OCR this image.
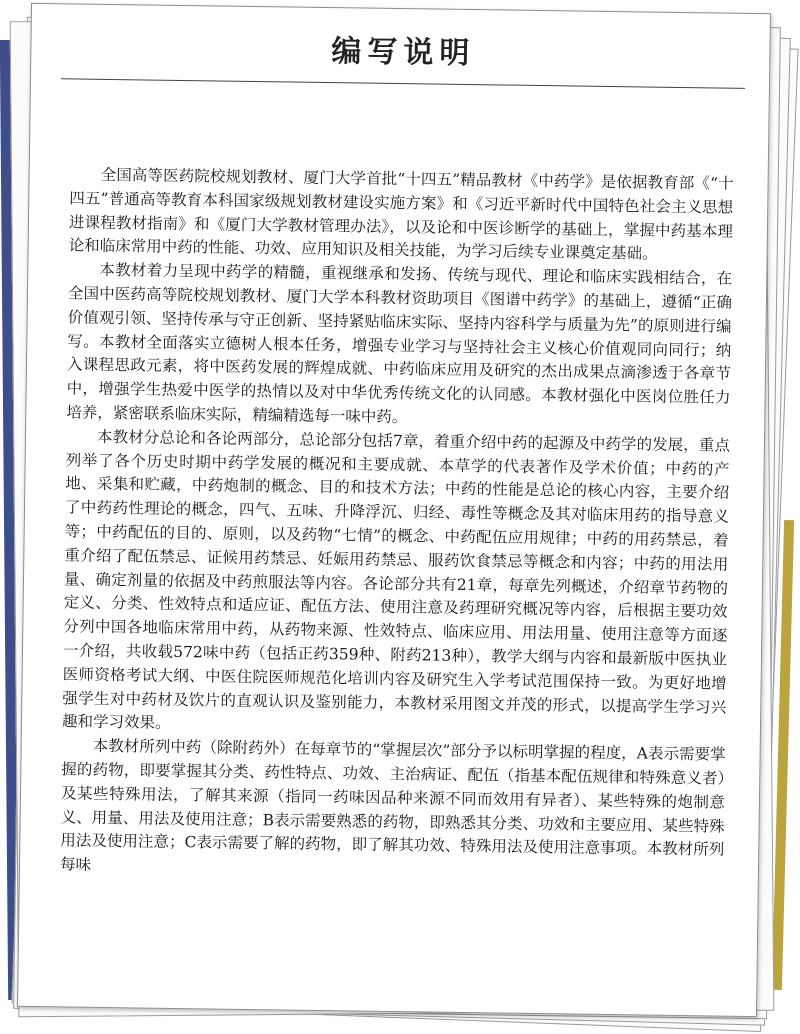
编写说明

全国高等医药院校规划教材、厦门大学首批“十四五”精品教材《中药学》是依据教育部《“十四五”普通高等教育本科国家级规划教材建设实施方案》和《习近平新时代中国特色社会主义思想进课程教材指南》和《厦门大学教材管理办法》，以及论和中医诊断学的基础上，掌握中药基本理论和临床常用中药的性能、功效、应用知识及相关技能，为学习后续专业课奠定基础。

本教材着力呈现中药学的精髓，重视继承和发扬、传统与现代、理论和临床实践相结合，在全国中医药高等院校规划教材、厦门大学本科教材资助项目《图谱中药学》的基础上，遵循“正确价值观引领、坚持传承与守正创新、坚持紧贴临床实际、坚持内容科学与质量为先”的原则进行编写。本教材全面落实立德树人根本任务，增强专业学习与坚持社会主义核心价值观同向同行；纳入课程思政元素，将中医药发展的辉煌成就、中药临床应用及研究的杰出成果点滴渗透于各章节中，增强学生热爱中医学的热情以及对中华优秀传统文化的认同感。本教材强化中医岗位胜任力培养，紧密联系临床实际，精编精选每一味中药。

本教材分总论和各论两部分，总论部分包括7章，着重介绍中药的起源及中药学的发展，重点列举了各个历史时期中药学发展的概况和主要成就、本草学的代表著作及学术价值；中药的产地、采集和贮藏，中药炮制的概念、目的和技术方法；中药的性能是总论的核心内容，主要介绍了中药药性理论的概念，四气、五味、升降浮沉、归经、毒性等概念及其对临床用药的指导意义等；中药配伍的目的、原则，以及药物“七情”的概念、中药配伍应用规律；中药的用药禁忌，着重介绍了配伍禁忌、证候用药禁忌、妊娠用药禁忌、服药饮食禁忌等概念和内容；中药的用法用量、确定剂量的依据及中药煎服法等内容。各论部分共有21章，每章先列概述，介绍章节药物的定义、分类、性效特点和适应证、配伍方法、使用注意及药理研究概况等内容，后根据主要功效分列中国各地临床常用中药，从药物来源、性效特点、临床应用、用法用量、使用注意等方面逐一介绍，共收载572味中药（包括正药359种、附药213种），教学大纲与内容和最新版中医执业医师资格考试大纲、中医住院医师规范化培训内容及研究生入学考试范围保持一致。为更好地增强学生对中药材及饮片的直观认识及鉴别能力，本教材采用图文并茂的形式，以提高学生学习兴趣和学习效果。

本教材所列中药（除附药外）在每章节的“掌握层次”部分予以标明掌握的程度，A表示需要掌握的药物，即要掌握其分类、药性特点、功效、主治病证、配伍（指基本配伍规律和特殊意义者）及某些特殊用法，了解其来源（指同一药味因品种来源不同而效用有异者）、某些特殊的炮制意义、用量、用法及使用注意；B表示需要熟悉的药物，即熟悉其分类、功效和主要应用、某些特殊用法及使用注意；C表示需要了解的药物，即了解其功效、特殊用法及使用注意事项。本教材所列每味
